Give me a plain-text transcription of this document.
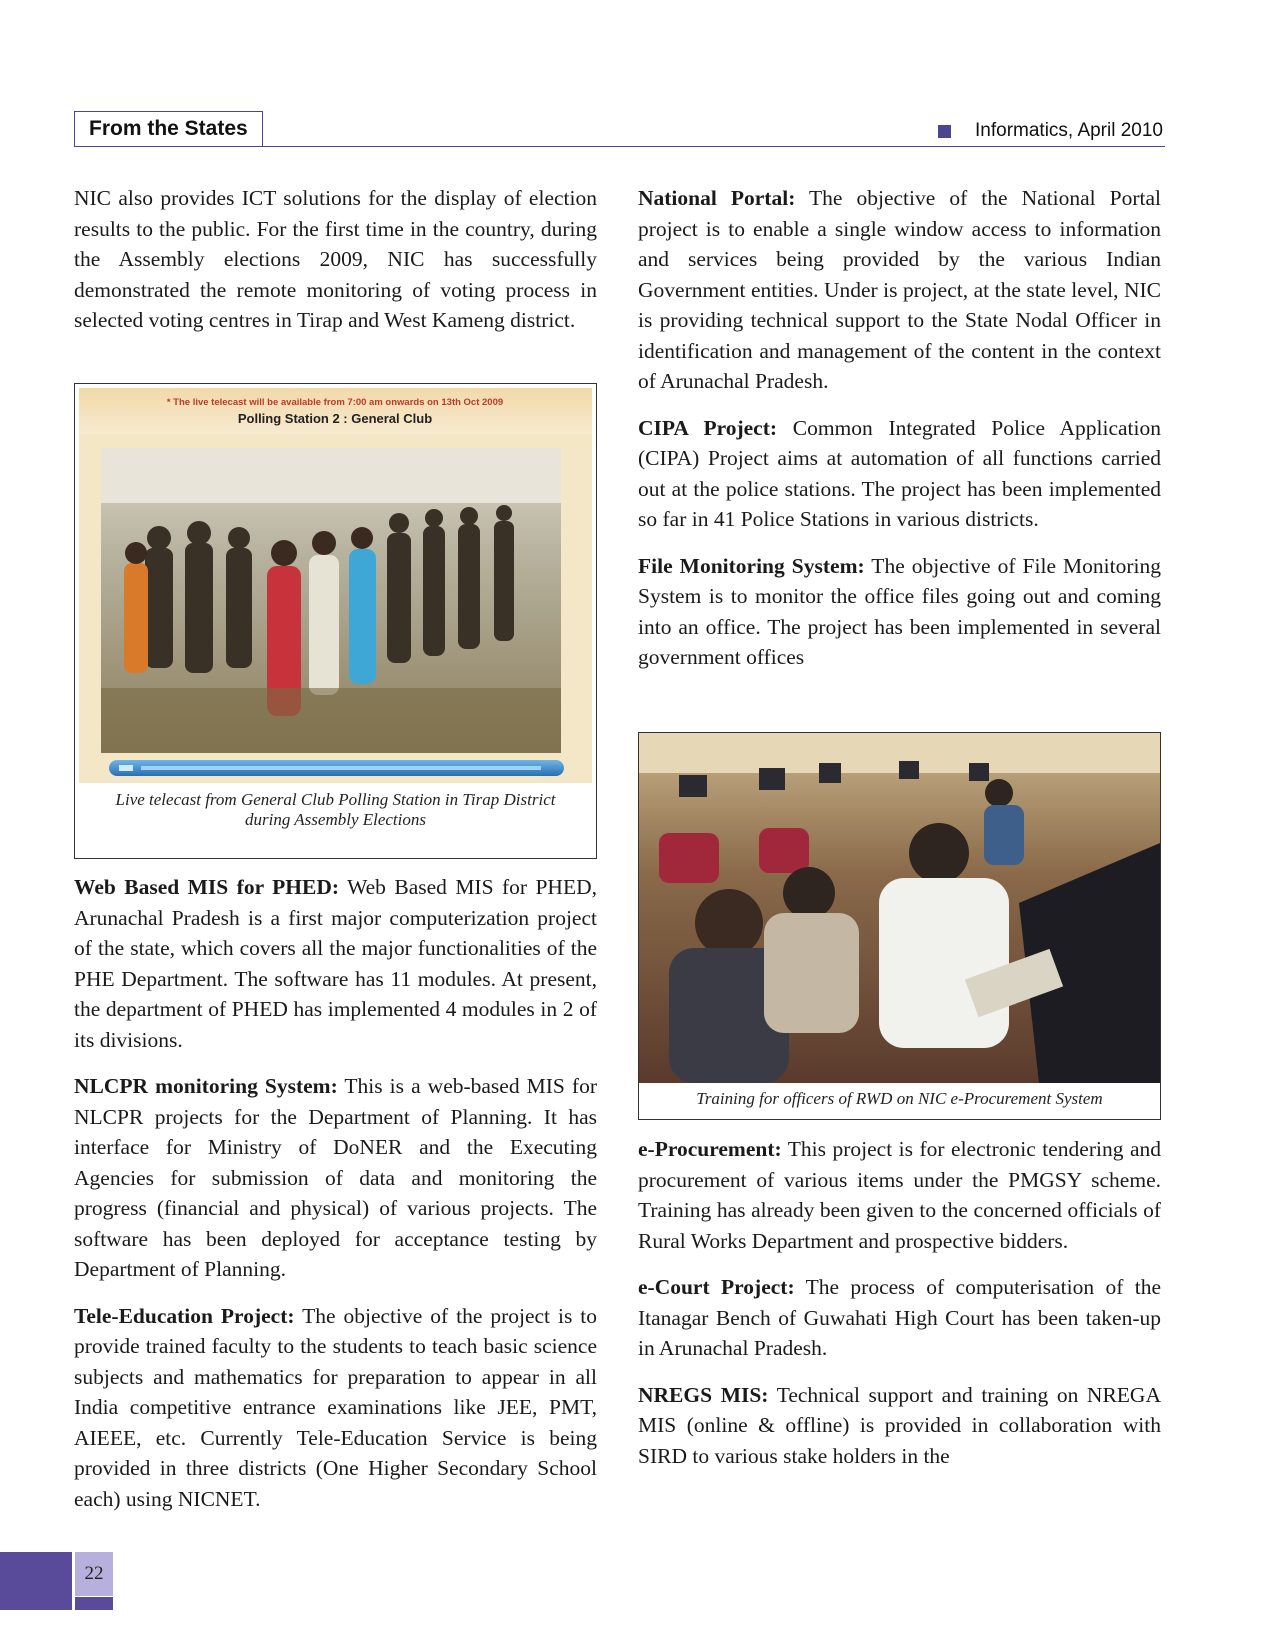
From the States	Informatics, April 2010

NIC also provides ICT solutions for the display of election results to the public. For the first time in the country, during the Assembly elections 2009, NIC has successfully demonstrated the remote monitoring of voting process in selected voting centres in Tirap and West Kameng district.

* The live telecast will be available from 7:00 am onwards on 13th Oct 2009
Polling Station 2 : General Club
Live telecast from General Club Polling Station in Tirap District
during Assembly Elections

Web Based MIS for PHED: Web Based MIS for PHED, Arunachal Pradesh is a first major computerization project of the state, which covers all the major functionalities of the PHE Department. The software has 11 modules. At present, the department of PHED has implemented 4 modules in 2 of its divisions.

NLCPR monitoring System: This is a web-based MIS for NLCPR projects for the Department of Planning. It has interface for Ministry of DoNER and the Executing Agencies for submission of data and monitoring the progress (financial and physical) of various projects. The software has been deployed for acceptance testing by Department of Planning.

Tele-Education Project: The objective of the project is to provide trained faculty to the students to teach basic science subjects and mathematics for preparation to appear in all India competitive entrance examinations like JEE, PMT, AIEEE, etc. Currently Tele-Education Service is being provided in three districts (One Higher Secondary School each) using NICNET.

National Portal: The objective of the National Portal project is to enable a single window access to information and services being provided by the various Indian Government entities. Under is project, at the state level, NIC is providing technical support to the State Nodal Officer in identification and management of the content in the context of Arunachal Pradesh.

CIPA Project: Common Integrated Police Application (CIPA) Project aims at automation of all functions carried out at the police stations. The project has been implemented so far in 41 Police Stations in various districts.

File Monitoring System: The objective of File Monitoring System is to monitor the office files going out and coming into an office. The project has been implemented in several government offices

Training for officers of RWD on NIC e-Procurement System

e-Procurement: This project is for electronic tendering and procurement of various items under the PMGSY scheme. Training has already been given to the concerned officials of Rural Works Department and prospective bidders.

e-Court Project: The process of computerisation of the Itanagar Bench of Guwahati High Court has been taken-up in Arunachal Pradesh.

NREGS MIS: Technical support and training on NREGA MIS (online & offline) is provided in collaboration with SIRD to various stake holders in the

22
